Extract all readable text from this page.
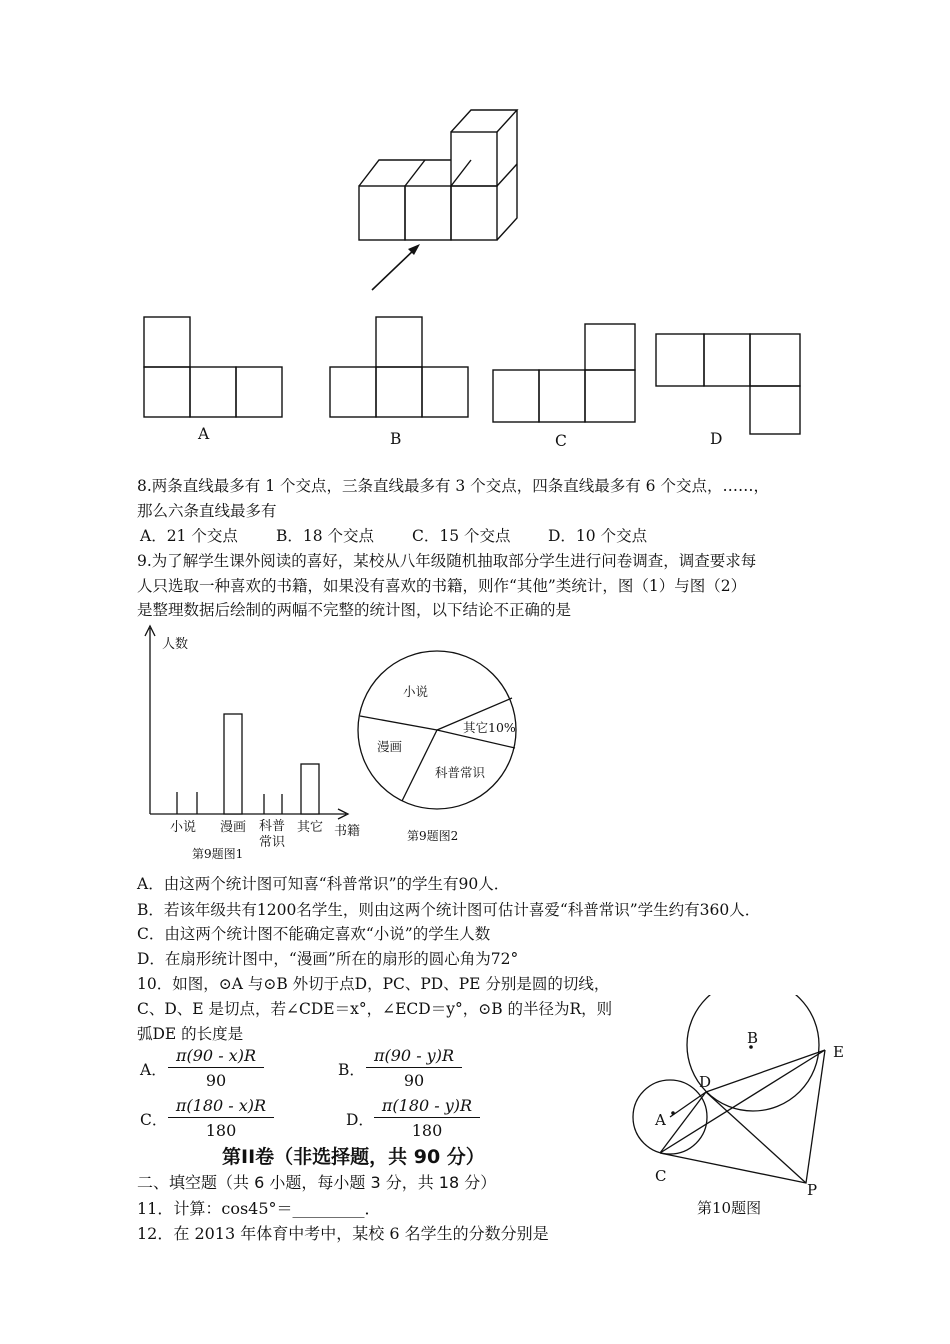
A	B	C	D
8.两条直线最多有 1 个交点，三条直线最多有 3 个交点，四条直线最多有 6 个交点，……，
那么六条直线最多有
A．21 个交点 B．18 个交点 C．15 个交点 D．10 个交点
9.为了解学生课外阅读的喜好，某校从八年级随机抽取部分学生进行问卷调查，调查要求每
人只选取一种喜欢的书籍，如果没有喜欢的书籍，则作“其他”类统计，图（1）与图（2）
是整理数据后绘制的两幅不完整的统计图，以下结论不正确的是
人数
小说 漫画 科普
常识
其它 书籍
第9题图1
小说
其它10%
科普常识
漫画
第9题图2
A．由这两个统计图可知喜“科普常识”的学生有90人．
B．若该年级共有1200名学生，则由这两个统计图可估计喜爱“科普常识”学生约有360人．
C．由这两个统计图不能确定喜欢“小说”的学生人数
D．在扇形统计图中，“漫画”所在的扇形的圆心角为72°
10．如图，⊙A 与⊙B 外切于点D，PC、PD、PE 分别是圆的切线，
C、D、E 是切点，若∠CDE＝x°，∠ECD＝y°，⊙B 的半径为R，则
弧DE 的长度是
A． $\frac{\pi(90 - x)R}{90}$	B． $\frac{\pi(90 - y)R}{90}$
C． $\frac{\pi(180 - x)R}{180}$	D． $\frac{\pi(180 - y)R}{180}$
B
A
D
E
C
P
第10题图
第II卷（非选择题，共 90 分）
二、填空题（共 6 小题，每小题 3 分，共 18 分）
11．计算：cos45°＝_________．
12．在 2013 年体育中考中，某校 6 名学生的分数分别是
